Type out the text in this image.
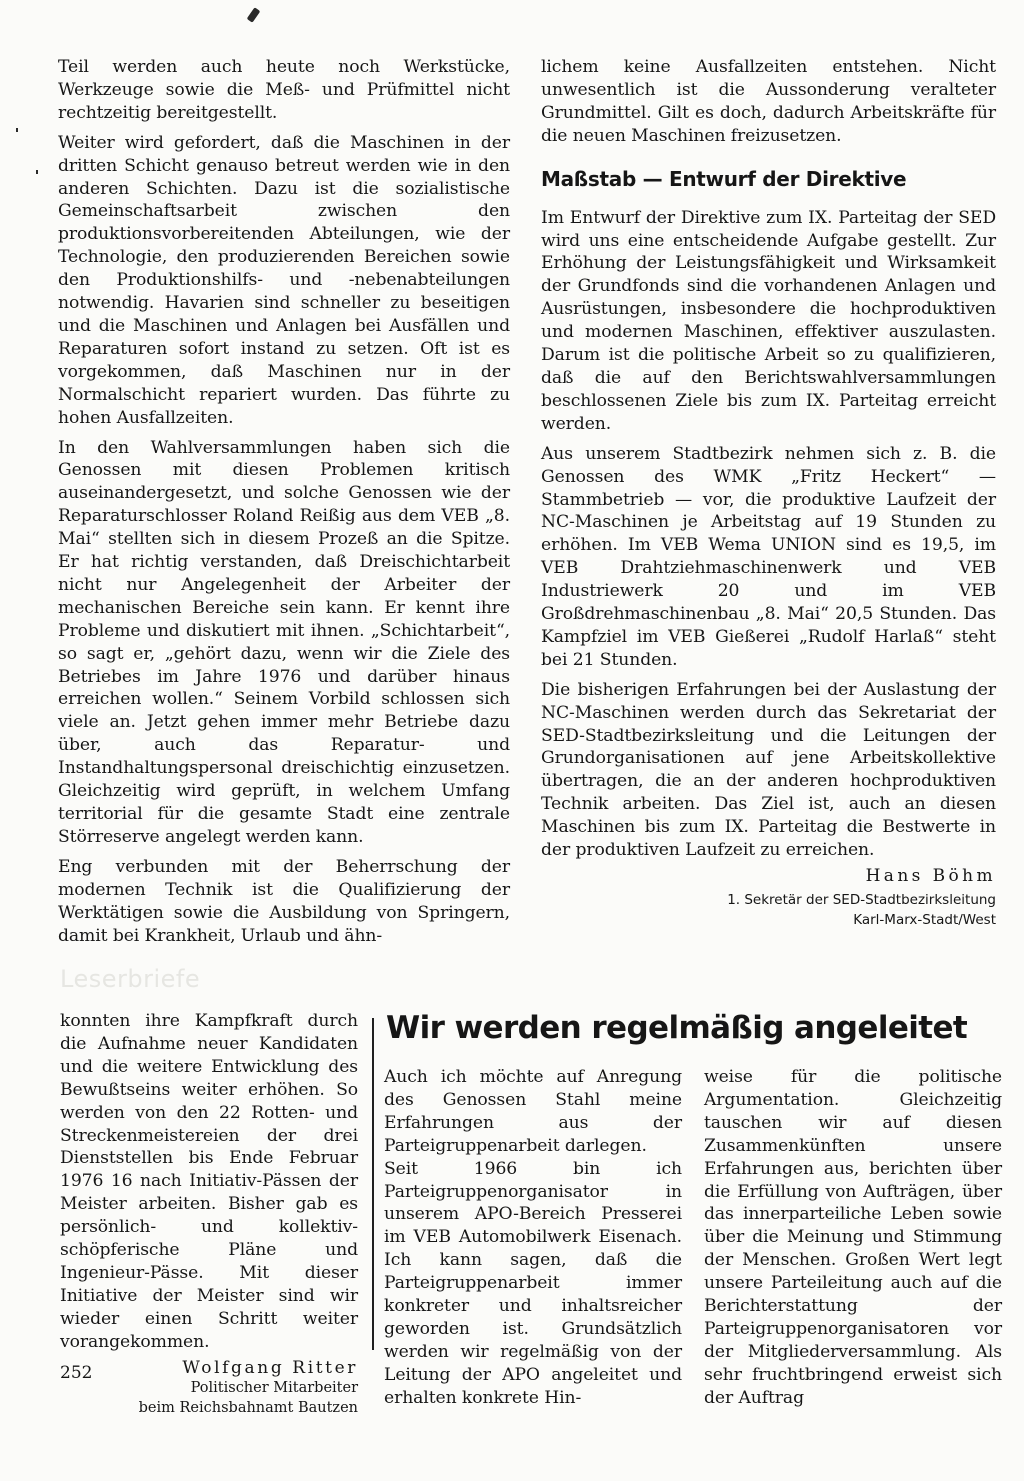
Teil werden auch heute noch Werkstücke, Werkzeuge sowie die Meß- und Prüfmittel nicht rechtzeitig bereitgestellt.

Weiter wird gefordert, daß die Maschinen in der dritten Schicht genauso betreut werden wie in den anderen Schichten. Dazu ist die sozialistische Gemeinschaftsarbeit zwischen den produktionsvorbereitenden Abteilungen, wie der Technologie, den produzierenden Bereichen sowie den Produktionshilfs- und -nebenabteilungen notwendig. Havarien sind schneller zu beseitigen und die Maschinen und Anlagen bei Ausfällen und Reparaturen sofort instand zu setzen. Oft ist es vorgekommen, daß Maschinen nur in der Normalschicht repariert wurden. Das führte zu hohen Ausfallzeiten.

In den Wahlversammlungen haben sich die Genossen mit diesen Problemen kritisch auseinandergesetzt, und solche Genossen wie der Reparaturschlosser Roland Reißig aus dem VEB „8. Mai“ stellten sich in diesem Prozeß an die Spitze. Er hat richtig verstanden, daß Dreischichtarbeit nicht nur Angelegenheit der Arbeiter der mechanischen Bereiche sein kann. Er kennt ihre Probleme und diskutiert mit ihnen. „Schichtarbeit“, so sagt er, „gehört dazu, wenn wir die Ziele des Betriebes im Jahre 1976 und darüber hinaus erreichen wollen.“ Seinem Vorbild schlossen sich viele an. Jetzt gehen immer mehr Betriebe dazu über, auch das Reparatur- und Instandhaltungspersonal dreischichtig einzusetzen. Gleichzeitig wird geprüft, in welchem Umfang territorial für die gesamte Stadt eine zentrale Störreserve angelegt werden kann.

Eng verbunden mit der Beherrschung der modernen Technik ist die Qualifizierung der Werktätigen sowie die Ausbildung von Springern, damit bei Krankheit, Urlaub und ähn-

lichem keine Ausfallzeiten entstehen. Nicht unwesentlich ist die Aussonderung veralteter Grundmittel. Gilt es doch, dadurch Arbeitskräfte für die neuen Maschinen freizusetzen.

Maßstab — Entwurf der Direktive

Im Entwurf der Direktive zum IX. Parteitag der SED wird uns eine entscheidende Aufgabe gestellt. Zur Erhöhung der Leistungsfähigkeit und Wirksamkeit der Grundfonds sind die vorhandenen Anlagen und Ausrüstungen, insbesondere die hochproduktiven und modernen Maschinen, effektiver auszulasten. Darum ist die politische Arbeit so zu qualifizieren, daß die auf den Berichtswahlversammlungen beschlossenen Ziele bis zum IX. Parteitag erreicht werden.

Aus unserem Stadtbezirk nehmen sich z. B. die Genossen des WMK „Fritz Heckert“ — Stammbetrieb — vor, die produktive Laufzeit der NC-Maschinen je Arbeitstag auf 19 Stunden zu erhöhen. Im VEB Wema UNION sind es 19,5, im VEB Drahtziehmaschinenwerk und VEB Industriewerk 20 und im VEB Großdrehmaschinenbau „8. Mai“ 20,5 Stunden. Das Kampfziel im VEB Gießerei „Rudolf Harlaß“ steht bei 21 Stunden.

Die bisherigen Erfahrungen bei der Auslastung der NC-Maschinen werden durch das Sekretariat der SED-Stadtbezirksleitung und die Leitungen der Grundorganisationen auf jene Arbeitskollektive übertragen, die an der anderen hochproduktiven Technik arbeiten. Das Ziel ist, auch an diesen Maschinen bis zum IX. Parteitag die Bestwerte in der produktiven Laufzeit zu erreichen.

Hans Böhm

1. Sekretär der SED-Stadtbezirksleitung

Karl-Marx-Stadt/West

Leserbriefe

konnten ihre Kampfkraft durch die Aufnahme neuer Kandidaten und die weitere Entwicklung des Bewußtseins weiter erhöhen. So werden von den 22 Rotten- und Streckenmeistereien der drei Dienststellen bis Ende Februar 1976 16 nach Initiativ-Pässen der Meister arbeiten. Bisher gab es persönlich- und kollektiv-schöpferische Pläne und Ingenieur-Pässe. Mit dieser Initiative der Meister sind wir wieder einen Schritt weiter vorangekommen.

Wolfgang Ritter

Politischer Mitarbeiter

beim Reichsbahnamt Bautzen

Wir werden regelmäßig angeleitet

Auch ich möchte auf Anregung des Genossen Stahl meine Erfahrungen aus der Parteigruppenarbeit darlegen.

Seit 1966 bin ich Parteigruppenorganisator in unserem APO-Bereich Presserei im VEB Automobilwerk Eisenach. Ich kann sagen, daß die Parteigruppenarbeit immer konkreter und inhaltsreicher geworden ist. Grundsätzlich werden wir regelmäßig von der Leitung der APO angeleitet und erhalten konkrete Hin-

weise für die politische Argumentation. Gleichzeitig tauschen wir auf diesen Zusammenkünften unsere Erfahrungen aus, berichten über die Erfüllung von Aufträgen, über das innerparteiliche Leben sowie über die Meinung und Stimmung der Menschen. Großen Wert legt unsere Parteileitung auch auf die Berichterstattung der Parteigruppenorganisatoren vor der Mitgliederversammlung. Als sehr fruchtbringend erweist sich der Auftrag

252
